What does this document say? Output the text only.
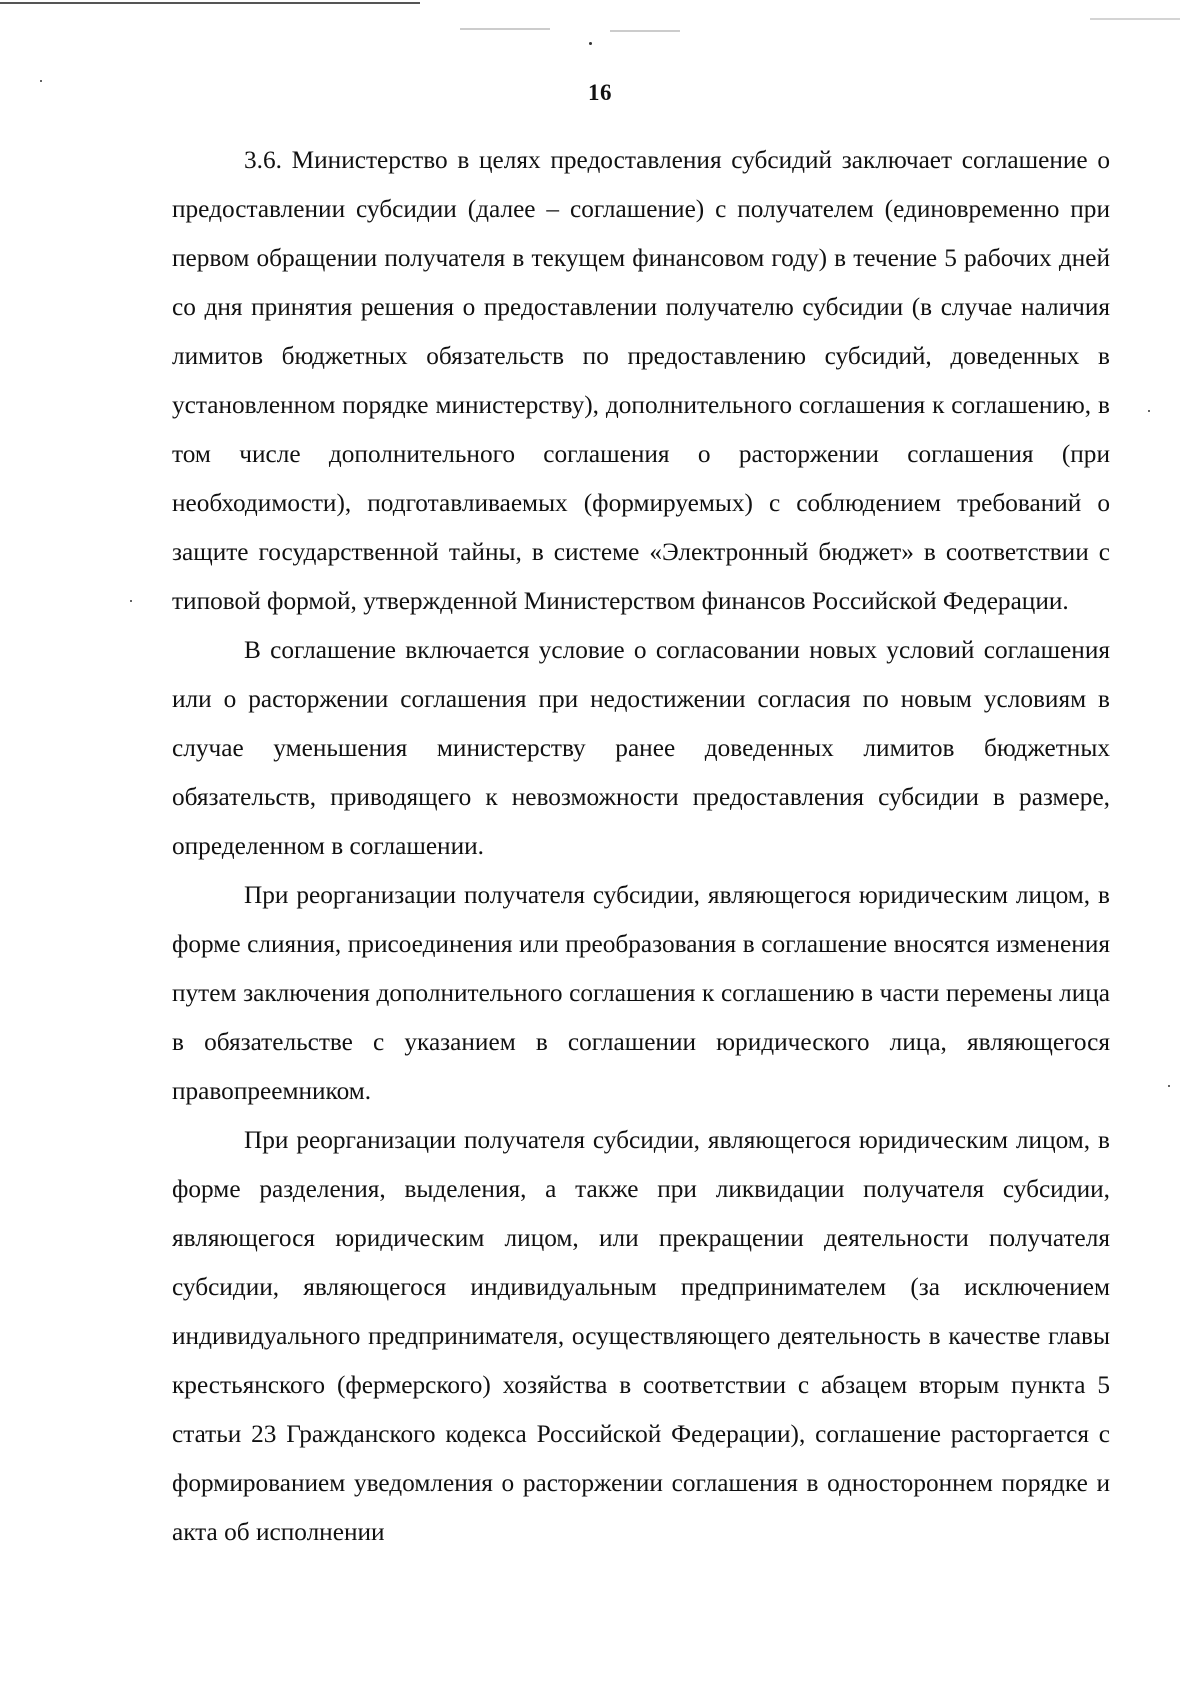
16

3.6. Министерство в целях предоставления субсидий заключает соглашение о предоставлении субсидии (далее – соглашение) с получателем (единовременно при первом обращении получателя в текущем финансовом году) в течение 5 рабочих дней со дня принятия решения о предоставлении получателю субсидии (в случае наличия лимитов бюджетных обязательств по предоставлению субсидий, доведенных в установленном порядке министерству), дополнительного соглашения к соглашению, в том числе дополнительного соглашения о расторжении соглашения (при необходимости), подготавливаемых (формируемых) с соблюдением требований о защите государственной тайны, в системе «Электронный бюджет» в соответствии с типовой формой, утвержденной Министерством финансов Российской Федерации.

В соглашение включается условие о согласовании новых условий соглашения или о расторжении соглашения при недостижении согласия по новым условиям в случае уменьшения министерству ранее доведенных лимитов бюджетных обязательств, приводящего к невозможности предоставления субсидии в размере, определенном в соглашении.

При реорганизации получателя субсидии, являющегося юридическим лицом, в форме слияния, присоединения или преобразования в соглашение вносятся изменения путем заключения дополнительного соглашения к соглашению в части перемены лица в обязательстве с указанием в соглашении юридического лица, являющегося правопреемником.

При реорганизации получателя субсидии, являющегося юридическим лицом, в форме разделения, выделения, а также при ликвидации получателя субсидии, являющегося юридическим лицом, или прекращении деятельности получателя субсидии, являющегося индивидуальным предпринимателем (за исключением индивидуального предпринимателя, осуществляющего деятельность в качестве главы крестьянского (фермерского) хозяйства в соответствии с абзацем вторым пункта 5 статьи 23 Гражданского кодекса Российской Федерации), соглашение расторгается с формированием уведомления о расторжении соглашения в одностороннем порядке и акта об исполнении
